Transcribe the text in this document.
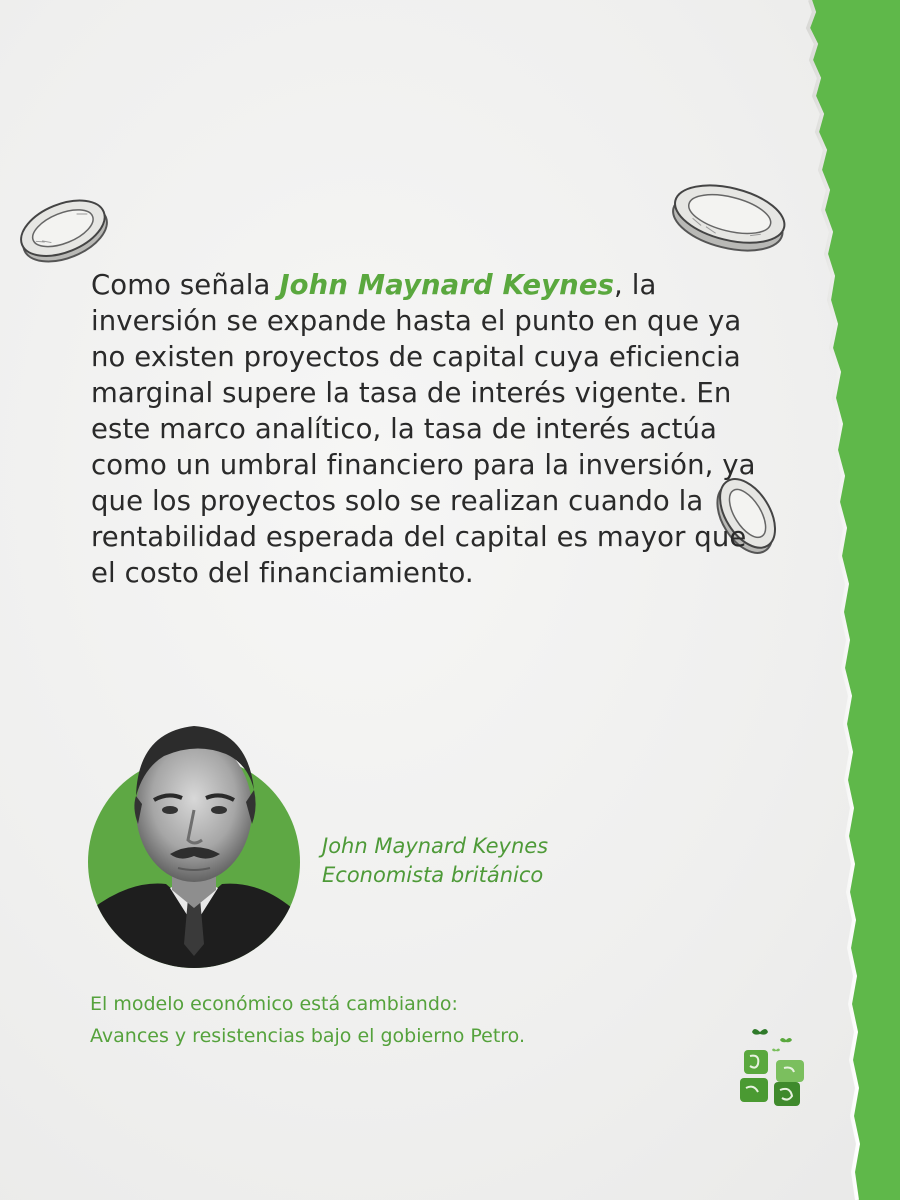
Como señala John Maynard Keynes, la inversión se expande hasta el punto en que ya no existen proyectos de capital cuya eficiencia marginal supere la tasa de interés vigente. En este marco analítico, la tasa de interés actúa como un umbral financiero para la inversión, ya que los proyectos solo se realizan cuando la rentabilidad esperada del capital es mayor que el costo del financiamiento.

John Maynard Keynes
Economista británico
El modelo económico está cambiando:
Avances y resistencias bajo el gobierno Petro.
